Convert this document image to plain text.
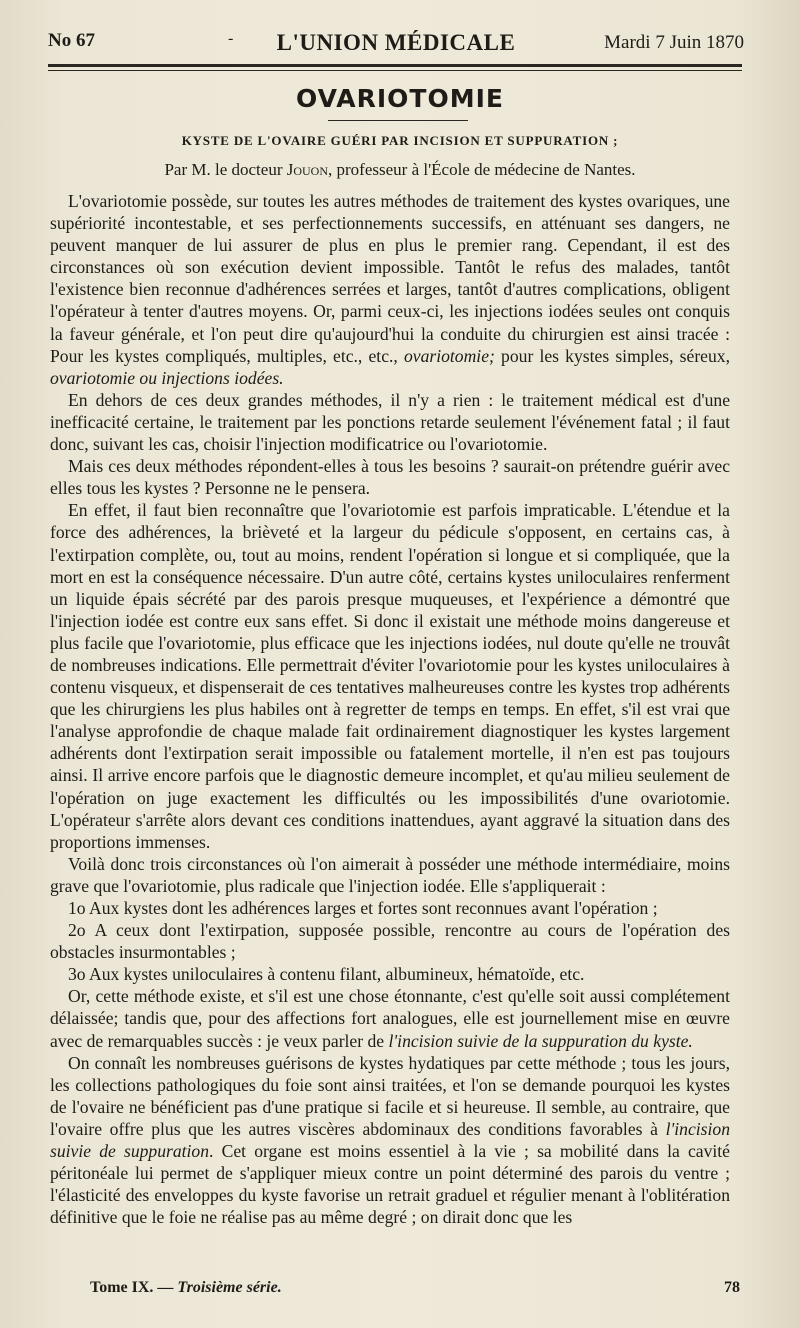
No 67	-	L'UNION MÉDICALE	Mardi 7 Juin 1870
OVARIOTOMIE
KYSTE DE L'OVAIRE GUÉRI PAR INCISION ET SUPPURATION ;
Par M. le docteur Jouon, professeur à l'École de médecine de Nantes.

L'ovariotomie possède, sur toutes les autres méthodes de traitement des kystes ovariques, une supériorité incontestable, et ses perfectionnements successifs, en atténuant ses dangers, ne peuvent manquer de lui assurer de plus en plus le premier rang. Cependant, il est des circonstances où son exécution devient impossible. Tantôt le refus des malades, tantôt l'existence bien reconnue d'adhérences serrées et larges, tantôt d'autres complications, obligent l'opérateur à tenter d'autres moyens. Or, parmi ceux-ci, les injections iodées seules ont conquis la faveur générale, et l'on peut dire qu'aujourd'hui la conduite du chirurgien est ainsi tracée : Pour les kystes compliqués, multiples, etc., etc., ovariotomie; pour les kystes simples, séreux, ovariotomie ou injections iodées.

En dehors de ces deux grandes méthodes, il n'y a rien : le traitement médical est d'une inefficacité certaine, le traitement par les ponctions retarde seulement l'événement fatal ; il faut donc, suivant les cas, choisir l'injection modificatrice ou l'ovariotomie.

Mais ces deux méthodes répondent-elles à tous les besoins ? saurait-on prétendre guérir avec elles tous les kystes ? Personne ne le pensera.

En effet, il faut bien reconnaître que l'ovariotomie est parfois impraticable. L'étendue et la force des adhérences, la brièveté et la largeur du pédicule s'opposent, en certains cas, à l'extirpation complète, ou, tout au moins, rendent l'opération si longue et si compliquée, que la mort en est la conséquence nécessaire. D'un autre côté, certains kystes uniloculaires renferment un liquide épais sécrété par des parois presque muqueuses, et l'expérience a démontré que l'injection iodée est contre eux sans effet. Si donc il existait une méthode moins dangereuse et plus facile que l'ovariotomie, plus efficace que les injections iodées, nul doute qu'elle ne trouvât de nombreuses indications. Elle permettrait d'éviter l'ovariotomie pour les kystes uniloculaires à contenu visqueux, et dispenserait de ces tentatives malheureuses contre les kystes trop adhérents que les chirurgiens les plus habiles ont à regretter de temps en temps. En effet, s'il est vrai que l'analyse approfondie de chaque malade fait ordinairement diagnostiquer les kystes largement adhérents dont l'extirpation serait impossible ou fatalement mortelle, il n'en est pas toujours ainsi. Il arrive encore parfois que le diagnostic demeure incomplet, et qu'au milieu seulement de l'opération on juge exactement les difficultés ou les impossibilités d'une ovariotomie. L'opérateur s'arrête alors devant ces conditions inattendues, ayant aggravé la situation dans des proportions immenses.

Voilà donc trois circonstances où l'on aimerait à posséder une méthode intermédiaire, moins grave que l'ovariotomie, plus radicale que l'injection iodée. Elle s'appliquerait :

1o Aux kystes dont les adhérences larges et fortes sont reconnues avant l'opération ;

2o A ceux dont l'extirpation, supposée possible, rencontre au cours de l'opération des obstacles insurmontables ;

3o Aux kystes uniloculaires à contenu filant, albumineux, hématoïde, etc.

Or, cette méthode existe, et s'il est une chose étonnante, c'est qu'elle soit aussi complétement délaissée; tandis que, pour des affections fort analogues, elle est journellement mise en œuvre avec de remarquables succès : je veux parler de l'incision suivie de la suppuration du kyste.

On connaît les nombreuses guérisons de kystes hydatiques par cette méthode ; tous les jours, les collections pathologiques du foie sont ainsi traitées, et l'on se demande pourquoi les kystes de l'ovaire ne bénéficient pas d'une pratique si facile et si heureuse. Il semble, au contraire, que l'ovaire offre plus que les autres viscères abdominaux des conditions favorables à l'incision suivie de suppuration. Cet organe est moins essentiel à la vie ; sa mobilité dans la cavité péritonéale lui permet de s'appliquer mieux contre un point déterminé des parois du ventre ; l'élasticité des enveloppes du kyste favorise un retrait graduel et régulier menant à l'oblitération définitive que le foie ne réalise pas au même degré ; on dirait donc que les

Tome IX. — Troisième série.	78
